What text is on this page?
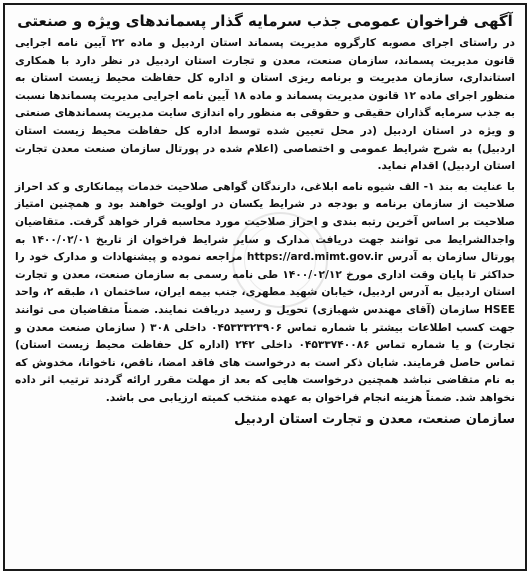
آگهی فراخوان عمومی جذب سرمایه گذار پسماندهای ویژه و صنعتی

در راستای اجرای مصوبه کارگروه مدیریت پسماند استان اردبیل و ماده ۲۲ آیین نامه اجرایی قانون مدیریت پسماند، سازمان صنعت، معدن و تجارت استان اردبیل در نظر دارد با همکاری استانداری، سازمان مدیریت و برنامه ریزی استان و اداره کل حفاظت محیط زیست استان به منظور اجرای ماده ۱۲ قانون مدیریت پسماند و ماده ۱۸ آیین نامه اجرایی مدیریت پسماندها نسبت به جذب سرمایه گذاران حقیقی و حقوقی به منظور راه اندازی سایت مدیریت پسماندهای صنعتی و ویژه در استان اردبیل (در محل تعیین شده توسط اداره کل حفاظت محیط زیست استان اردبیل) به شرح شرایط عمومی و اختصاصی (اعلام شده در پورتال سازمان صنعت معدن تجارت استان اردبیل) اقدام نماید.

با عنایت به بند ۱- الف شیوه نامه ابلاغی، دارندگان گواهی صلاحیت خدمات پیمانکاری و کد احراز صلاحیت از سازمان برنامه و بودجه در شرایط یکسان در اولویت خواهند بود و همچنین امتیاز صلاحیت بر اساس آخرین رتبه بندی و احراز صلاحیت مورد محاسبه قرار خواهد گرفت. متقاضیان واجدالشرایط می توانند جهت دریافت مدارک و سایر شرایط فراخوان از تاریخ ۱۴۰۰/۰۲/۰۱ به پورتال سازمان به آدرس https://ard.mimt.gov.ir مراجعه نموده و پیشنهادات و مدارک خود را حداکثر تا پایان وقت اداری مورخ ۱۴۰۰/۰۲/۱۲ طی نامه رسمی به سازمان صنعت، معدن و تجارت استان اردبیل به آدرس اردبیل، خیابان شهید مطهری، جنب بیمه ایران، ساختمان ۱، طبقه ۲، واحد HSEE سازمان (آقای مهندس شهبازی) تحویل و رسید دریافت نمایند. ضمناً متقاضیان می توانند جهت کسب اطلاعات بیشتر با شماره تماس ۰۴۵۳۳۳۲۳۹۰۶ داخلی ۳۰۸ ( سازمان صنعت معدن و تجارت) و یا شماره تماس ۰۴۵۳۳۷۴۰۰۸۶ داخلی ۲۴۲ (اداره کل حفاظت محیط زیست استان) تماس حاصل فرمایند. شایان ذکر است به درخواست های فاقد امضا، ناقص، ناخوانا، مخدوش که به نام متقاضی نباشد همچنین درخواست هایی که بعد از مهلت مقرر ارائه گردند ترتیب اثر داده نخواهد شد. ضمناً هزینه انجام فراخوان به عهده منتخب کمیته ارزیابی می باشد.

سازمان صنعت، معدن و تجارت استان اردبیل
